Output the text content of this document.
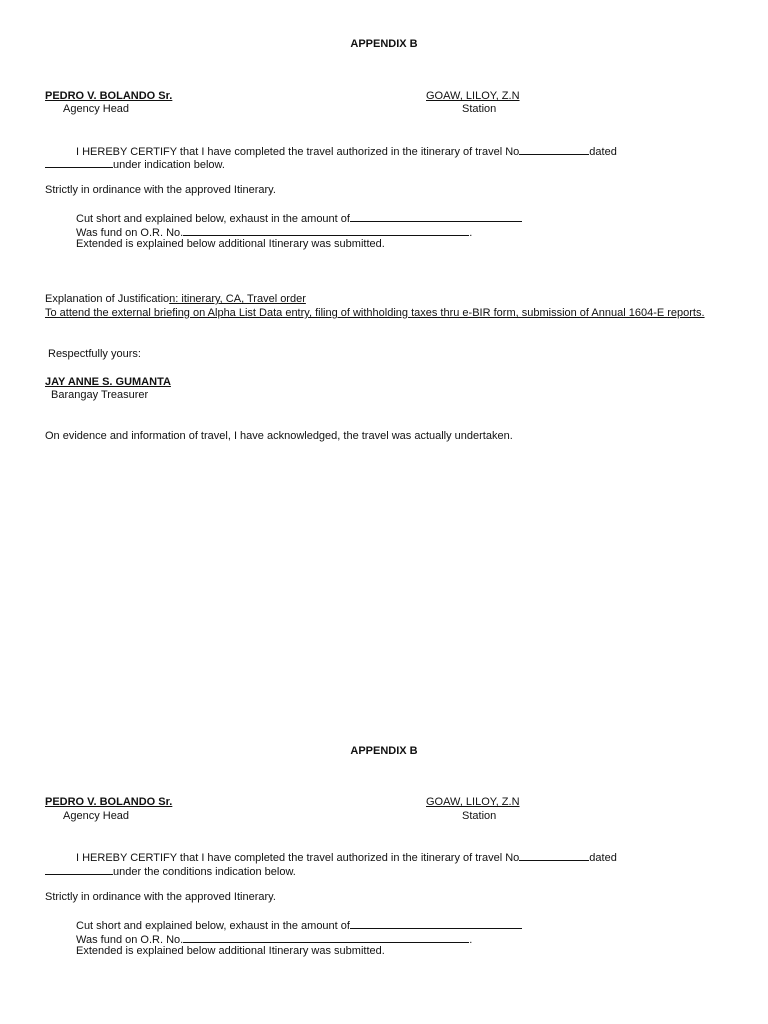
APPENDIX B
PEDRO V. BOLANDO Sr.
Agency Head
GOAW, LILOY, Z.N
Station
I HEREBY CERTIFY that I have completed the travel authorized in the itinerary of travel No	dated
under indication below.
Strictly in ordinance with the approved Itinerary.
Cut short and explained below, exhaust in the amount of
Was fund on O.R. No.	.
Extended is explained below additional Itinerary was submitted.
Explanation of Justification: itinerary, CA, Travel order
To attend the external briefing on Alpha List Data entry, filing of withholding taxes thru e-BIR form, submission of Annual 1604-E reports.
Respectfully yours:
JAY ANNE S. GUMANTA
Barangay Treasurer
On evidence and information of travel, I have acknowledged, the travel was actually undertaken.
APPENDIX B
PEDRO V. BOLANDO Sr.
Agency Head
GOAW, LILOY, Z.N
Station
I HEREBY CERTIFY that I have completed the travel authorized in the itinerary of travel No	dated
under the conditions indication below.
Strictly in ordinance with the approved Itinerary.
Cut short and explained below, exhaust in the amount of
Was fund on O.R. No.	.
Extended is explained below additional Itinerary was submitted.
